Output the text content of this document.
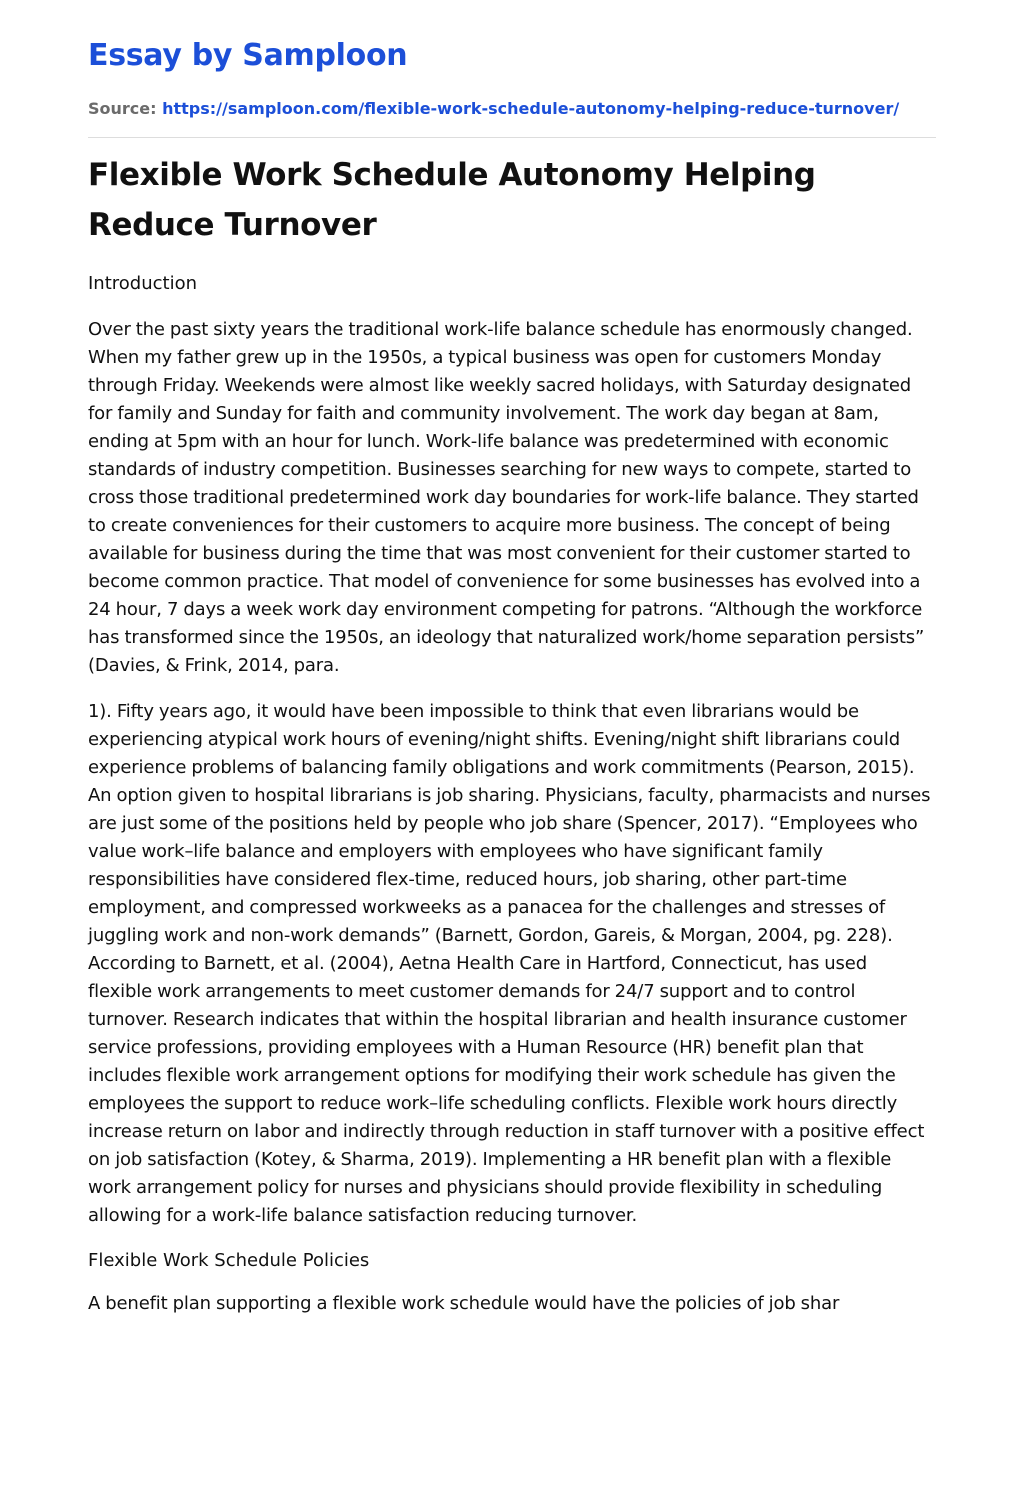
Essay by Samploon
Source: https://samploon.com/flexible-work-schedule-autonomy-helping-reduce-turnover/
Flexible Work Schedule Autonomy Helping Reduce Turnover
Introduction

Over the past sixty years the traditional work-life balance schedule has enormously changed. When my father grew up in the 1950s, a typical business was open for customers Monday through Friday. Weekends were almost like weekly sacred holidays, with Saturday designated for family and Sunday for faith and community involvement. The work day began at 8am, ending at 5pm with an hour for lunch. Work-life balance was predetermined with economic standards of industry competition. Businesses searching for new ways to compete, started to cross those traditional predetermined work day boundaries for work-life balance. They started to create conveniences for their customers to acquire more business. The concept of being available for business during the time that was most convenient for their customer started to become common practice. That model of convenience for some businesses has evolved into a 24 hour, 7 days a week work day environment competing for patrons. “Although the workforce has transformed since the 1950s, an ideology that naturalized work/home separation persists” (Davies, & Frink, 2014, para.

1). Fifty years ago, it would have been impossible to think that even librarians would be experiencing atypical work hours of evening/night shifts. Evening/night shift librarians could experience problems of balancing family obligations and work commitments (Pearson, 2015). An option given to hospital librarians is job sharing. Physicians, faculty, pharmacists and nurses are just some of the positions held by people who job share (Spencer, 2017). “Employees who value work–life balance and employers with employees who have significant family responsibilities have considered flex-time, reduced hours, job sharing, other part-time employment, and compressed workweeks as a panacea for the challenges and stresses of juggling work and non-work demands” (Barnett, Gordon, Gareis, & Morgan, 2004, pg. 228). According to Barnett, et al. (2004), Aetna Health Care in Hartford, Connecticut, has used flexible work arrangements to meet customer demands for 24/7 support and to control turnover. Research indicates that within the hospital librarian and health insurance customer service professions, providing employees with a Human Resource (HR) benefit plan that includes flexible work arrangement options for modifying their work schedule has given the employees the support to reduce work–life scheduling conflicts. Flexible work hours directly increase return on labor and indirectly through reduction in staff turnover with a positive effect on job satisfaction (Kotey, & Sharma, 2019). Implementing a HR benefit plan with a flexible work arrangement policy for nurses and physicians should provide flexibility in scheduling allowing for a work-life balance satisfaction reducing turnover.

Flexible Work Schedule Policies

A benefit plan supporting a flexible work schedule would have the policies of job shar
